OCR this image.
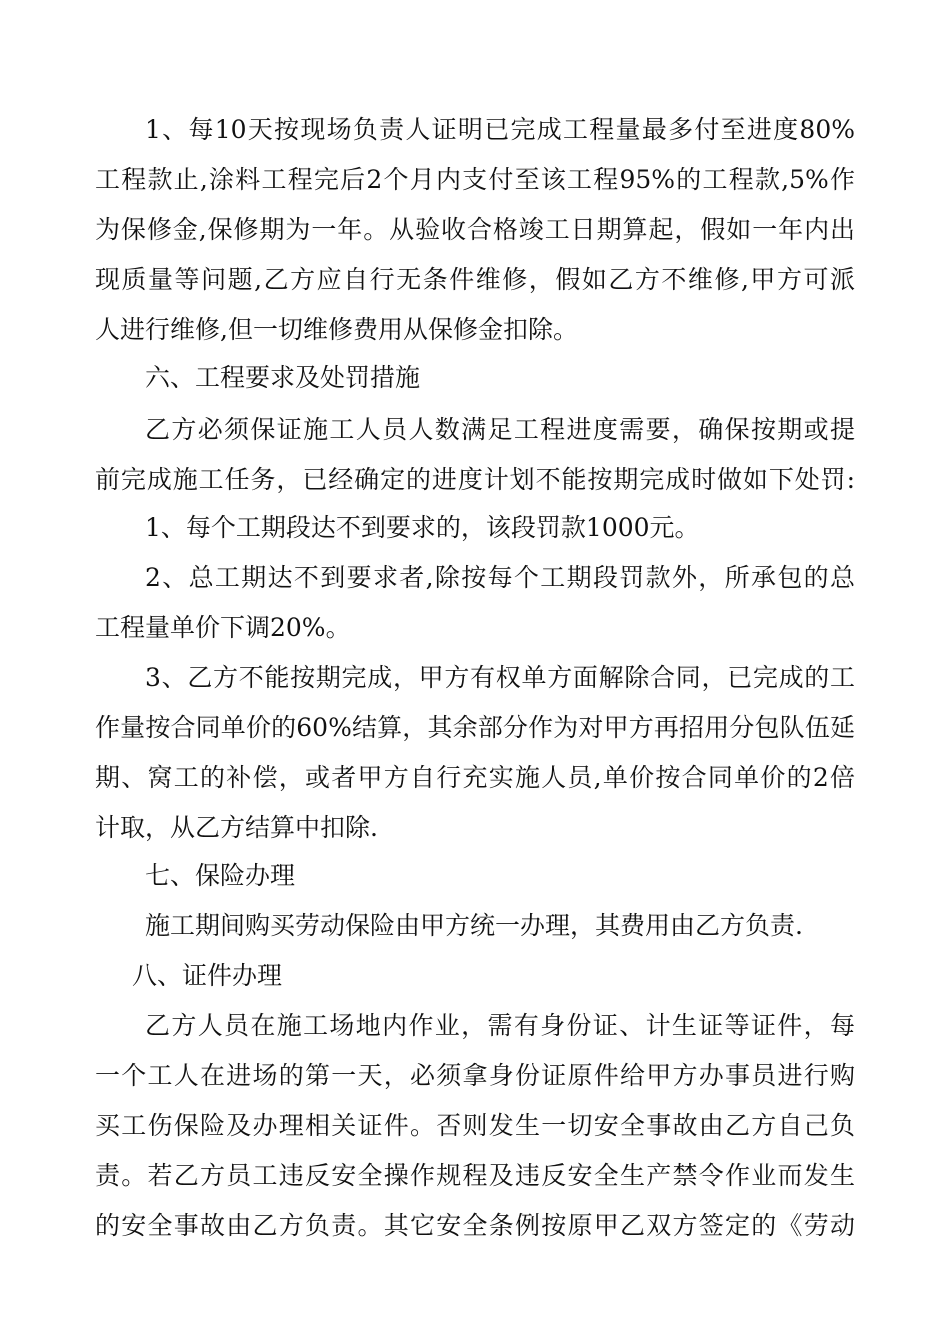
1、每10天按现场负责人证明已完成工程量最多付至进度80%
工程款止,涂料工程完后2个月内支付至该工程95%的工程款,5%作
为保修金,保修期为一年。从验收合格竣工日期算起，假如一年内出
现质量等问题,乙方应自行无条件维修，假如乙方不维修,甲方可派
人进行维修,但一切维修费用从保修金扣除。
六、工程要求及处罚措施
乙方必须保证施工人员人数满足工程进度需要，确保按期或提
前完成施工任务，已经确定的进度计划不能按期完成时做如下处罚:
1、每个工期段达不到要求的，该段罚款1000元。
2、总工期达不到要求者,除按每个工期段罚款外，所承包的总
工程量单价下调20%。
3、乙方不能按期完成，甲方有权单方面解除合同，已完成的工
作量按合同单价的60%结算，其余部分作为对甲方再招用分包队伍延
期、窝工的补偿，或者甲方自行充实施人员,单价按合同单价的2倍
计取，从乙方结算中扣除.
七、保险办理
施工期间购买劳动保险由甲方统一办理，其费用由乙方负责.
八、证件办理
乙方人员在施工场地内作业，需有身份证、计生证等证件，每
一个工人在进场的第一天，必须拿身份证原件给甲方办事员进行购
买工伤保险及办理相关证件。否则发生一切安全事故由乙方自己负
责。若乙方员工违反安全操作规程及违反安全生产禁令作业而发生
的安全事故由乙方负责。其它安全条例按原甲乙双方签定的《劳动
